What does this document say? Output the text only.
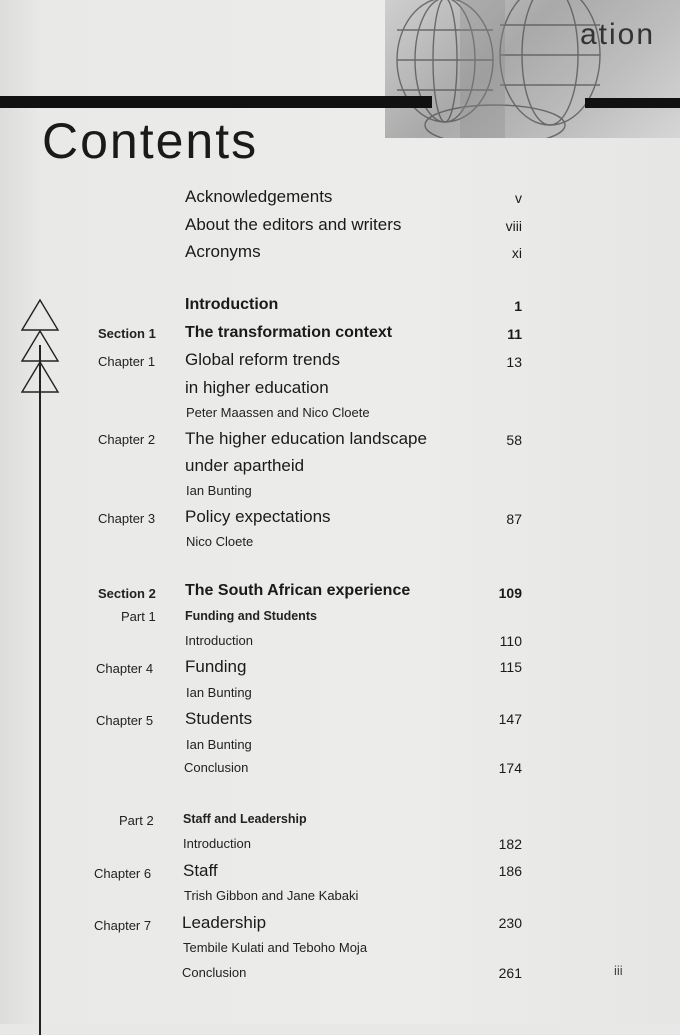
ation
Contents
Acknowledgements	v
About the editors and writers	viii
Acronyms	xi
Introduction	1
Section 1 The transformation context	11
Chapter 1 Global reform trends	13
in higher education
Peter Maassen and Nico Cloete
Chapter 2 The higher education landscape	58
under apartheid
Ian Bunting
Chapter 3 Policy expectations	87
Nico Cloete
Section 2 The South African experience	109
Part 1 Funding and Students
Introduction	110
Chapter 4 Funding	115
Ian Bunting
Chapter 5 Students	147
Ian Bunting
Conclusion	174
Part 2 Staff and Leadership
Introduction	182
Chapter 6 Staff	186
Trish Gibbon and Jane Kabaki
Chapter 7 Leadership	230
Tembile Kulati and Teboho Moja
Conclusion	261	iii
